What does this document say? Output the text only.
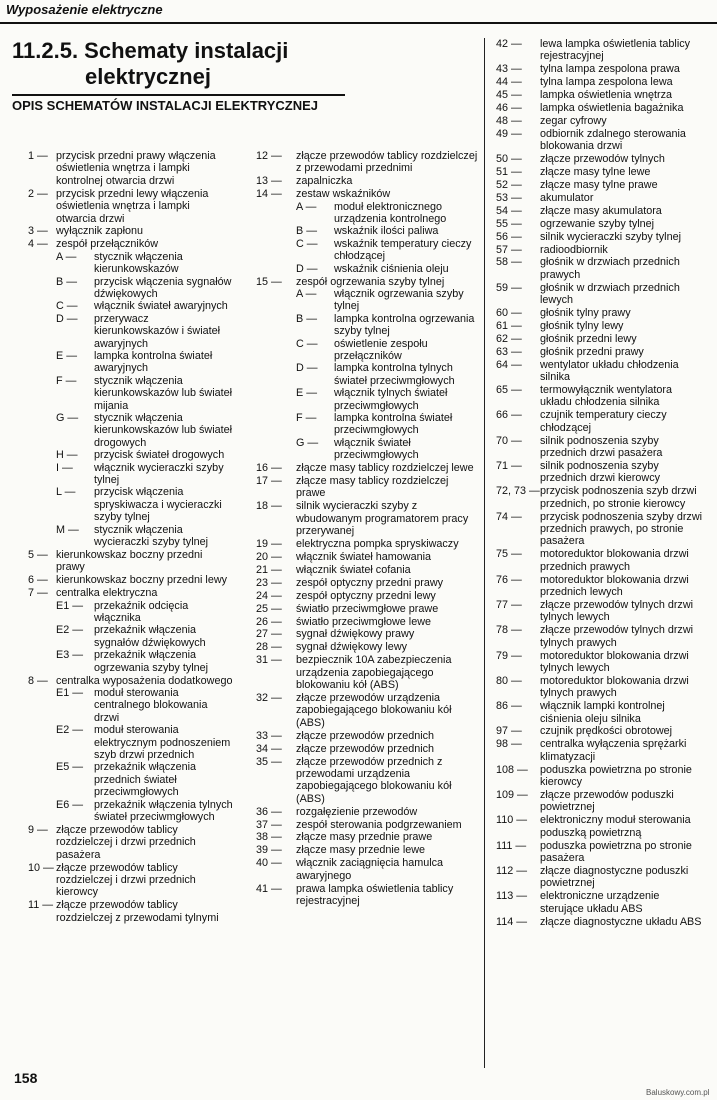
Wyposażenie elektryczne
11.2.5. Schematy instalacji
elektrycznej
OPIS SCHEMATÓW INSTALACJI ELEKTRYCZNEJ
1 — przycisk przedni prawy włączenia oświetlenia wnętrza i lampki kontrolnej otwarcia drzwi
2 — przycisk przedni lewy włączenia oświetlenia wnętrza i lampki otwarcia drzwi
3 — wyłącznik zapłonu
4 — zespół przełączników
A —	stycznik włączenia kierunkowskazów
B —	przycisk włączenia sygnałów dźwiękowych
C —	włącznik świateł awaryjnych
D —	przerywacz kierunkowskazów i świateł awaryjnych
E —	lampka kontrolna świateł awaryjnych
F —	stycznik włączenia kierunkowskazów lub świateł mijania
G —	stycznik włączenia kierunkowskazów lub świateł drogowych
H —	przycisk świateł drogowych
I —	włącznik wycieraczki szyby tylnej
L —	przycisk włączenia spryskiwacza i wycieraczki szyby tylnej
M —	stycznik włączenia wycieraczki szyby tylnej
5 — kierunkowskaz boczny przedni prawy
6 — kierunkowskaz boczny przedni lewy
7 — centralka elektryczna
E1 —	przekaźnik odcięcia włącznika
E2 —	przekaźnik włączenia sygnałów dźwiękowych
E3 —	przekaźnik włączenia ogrzewania szyby tylnej
8 — centralka wyposażenia dodatkowego
E1 —	moduł sterowania centralnego blokowania drzwi
E2 —	moduł sterowania elektrycznym podnoszeniem szyb drzwi przednich
E5 —	przekaźnik włączenia przednich świateł przeciwmgłowych
E6 —	przekaźnik włączenia tylnych świateł przeciwmgłowych
9 — złącze przewodów tablicy rozdzielczej i drzwi przednich pasażera
10 — złącze przewodów tablicy rozdzielczej i drzwi przednich kierowcy
11 — złącze przewodów tablicy rozdzielczej z przewodami tylnymi
12 —	złącze przewodów tablicy rozdzielczej z przewodami przednimi
13 —	zapalniczka
14 —	zestaw wskaźników
A —	moduł elektronicznego urządzenia kontrolnego
B —	wskaźnik ilości paliwa
C —	wskaźnik temperatury cieczy chłodzącej
D —	wskaźnik ciśnienia oleju
15 —	zespół ogrzewania szyby tylnej
A —	włącznik ogrzewania szyby tylnej
B —	lampka kontrolna ogrzewania szyby tylnej
C —	oświetlenie zespołu przełączników
D —	lampka kontrolna tylnych świateł przeciwmgłowych
E —	włącznik tylnych świateł przeciwmgłowych
F —	lampka kontrolna świateł przeciwmgłowych
G —	włącznik świateł przeciwmgłowych
16 —	złącze masy tablicy rozdzielczej lewe
17 —	złącze masy tablicy rozdzielczej prawe
18 —	silnik wycieraczki szyby z wbudowanym programatorem pracy przerywanej
19 —	elektryczna pompka spryskiwaczy
20 —	włącznik świateł hamowania
21 —	włącznik świateł cofania
23 —	zespół optyczny przedni prawy
24 —	zespół optyczny przedni lewy
25 —	światło przeciwmgłowe prawe
26 —	światło przeciwmgłowe lewe
27 —	sygnał dźwiękowy prawy
28 —	sygnał dźwiękowy lewy
31 —	bezpiecznik 10A zabezpieczenia urządzenia zapobiegającego blokowaniu kół (ABS)
32 —	złącze przewodów urządzenia zapobiegającego blokowaniu kół (ABS)
33 —	złącze przewodów przednich
34 —	złącze przewodów przednich
35 —	złącze przewodów przednich z przewodami urządzenia zapobiegającego blokowaniu kół (ABS)
36 —	rozgałęzienie przewodów
37 —	zespół sterowania podgrzewaniem
38 —	złącze masy przednie prawe
39 —	złącze masy przednie lewe
40 —	włącznik zaciągnięcia hamulca awaryjnego
41 —	prawa lampka oświetlenia tablicy rejestracyjnej
42 —	lewa lampka oświetlenia tablicy rejestracyjnej
43 —	tylna lampa zespolona prawa
44 —	tylna lampa zespolona lewa
45 —	lampka oświetlenia wnętrza
46 —	lampka oświetlenia bagażnika
48 —	zegar cyfrowy
49 —	odbiornik zdalnego sterowania blokowania drzwi
50 —	złącze przewodów tylnych
51 —	złącze masy tylne lewe
52 —	złącze masy tylne prawe
53 —	akumulator
54 —	złącze masy akumulatora
55 —	ogrzewanie szyby tylnej
56 —	silnik wycieraczki szyby tylnej
57 —	radioodbiornik
58 —	głośnik w drzwiach przednich prawych
59 —	głośnik w drzwiach przednich lewych
60 —	głośnik tylny prawy
61 —	głośnik tylny lewy
62 —	głośnik przedni lewy
63 —	głośnik przedni prawy
64 —	wentylator układu chłodzenia silnika
65 —	termowyłącznik wentylatora układu chłodzenia silnika
66 —	czujnik temperatury cieczy chłodzącej
70 —	silnik podnoszenia szyby przednich drzwi pasażera
71 —	silnik podnoszenia szyby przednich drzwi kierowcy
72, 73 — przycisk podnoszenia szyb drzwi przednich, po stronie kierowcy
74 —	przycisk podnoszenia szyby drzwi przednich prawych, po stronie pasażera
75 —	motoreduktor blokowania drzwi przednich prawych
76 —	motoreduktor blokowania drzwi przednich lewych
77 —	złącze przewodów tylnych drzwi tylnych lewych
78 —	złącze przewodów tylnych drzwi tylnych prawych
79 —	motoreduktor blokowania drzwi tylnych lewych
80 —	motoreduktor blokowania drzwi tylnych prawych
86 —	włącznik lampki kontrolnej ciśnienia oleju silnika
97 —	czujnik prędkości obrotowej
98 —	centralka wyłączenia sprężarki klimatyzacji
108 —	poduszka powietrzna po stronie kierowcy
109 —	złącze przewodów poduszki powietrznej
110 —	elektroniczny moduł sterowania poduszką powietrzną
111 —	poduszka powietrzna po stronie pasażera
112 —	złącze diagnostyczne poduszki powietrznej
113 —	elektroniczne urządzenie sterujące układu ABS
114 —	złącze diagnostyczne układu ABS
158
Baluskowy.com.pl
